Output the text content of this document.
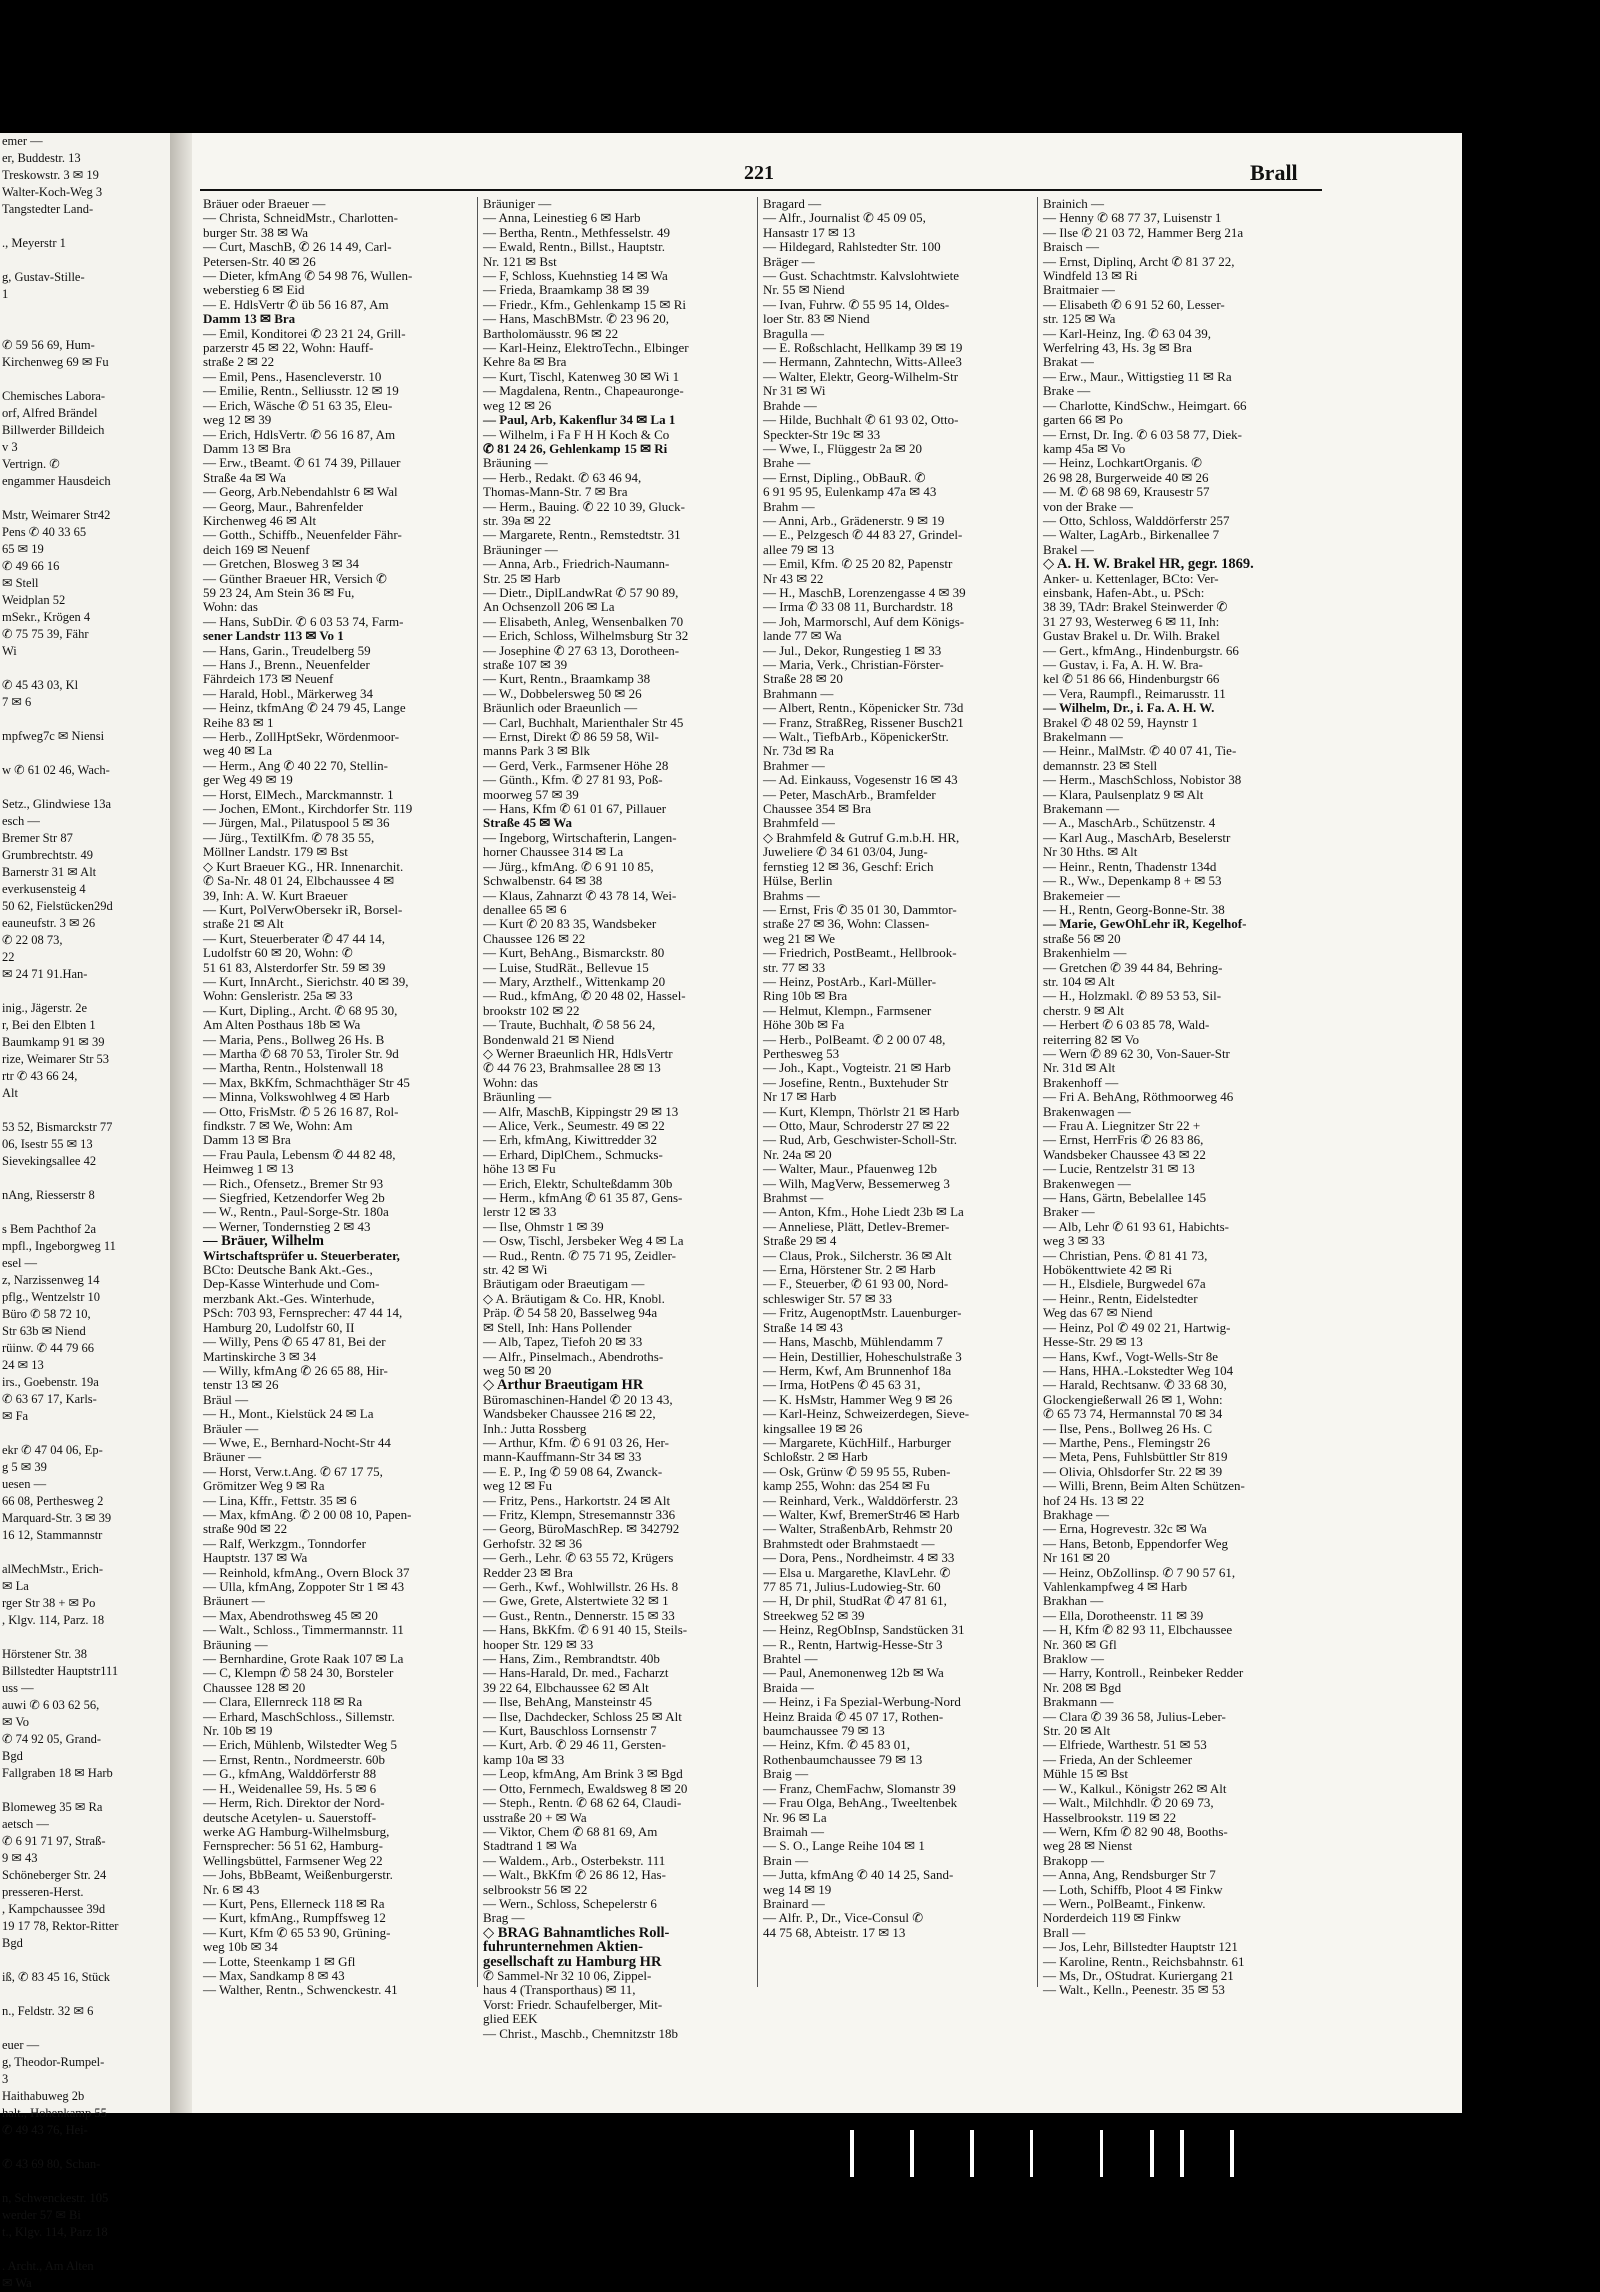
emer —
er, Buddestr. 13
Treskowstr. 3 ✉ 19
Walter-Koch-Weg 3
Tangstedter Land-

., Meyerstr 1

g, Gustav-Stille-
1

✆ 59 56 69, Hum-
Kirchenweg 69 ✉ Fu

Chemisches Labora-
orf, Alfred Brändel
Billwerder Billdeich
v 3
Vertrign. ✆
engammer Hausdeich

Mstr, Weimarer Str42
Pens ✆ 40 33 65
65 ✉ 19
✆ 49 66 16
✉ Stell
Weidplan 52
mSekr., Krögen 4
✆ 75 75 39, Fähr
Wi

✆ 45 43 03, Kl
7 ✉ 6

mpfweg7c ✉ Niensi

w ✆ 61 02 46, Wach-

Setz., Glindwiese 13a
esch —
Bremer Str 87
Grumbrechtstr. 49
Barnerstr 31 ✉ Alt
everkusensteig 4
50 62, Fielstücken29d
eauneufstr. 3 ✉ 26
✆ 22 08 73,
22
✉ 24 71 91.Han-

inig., Jägerstr. 2e
r, Bei den Elbten 1
Baumkamp 91 ✉ 39
rize, Weimarer Str 53
rtr ✆ 43 66 24,
Alt

53 52, Bismarckstr 77
06, Isestr 55 ✉ 13
Sievekingsallee 42

nAng, Riesserstr 8

s Bem Pachthof 2a
mpfl., Ingeborgweg 11
esel —
z, Narzissenweg 14
pflg., Wentzelstr 10
Büro ✆ 58 72 10,
Str 63b ✉ Niend
rüinw. ✆ 44 79 66
24 ✉ 13
irs., Goebenstr. 19a
✆ 63 67 17, Karls-
✉ Fa

ekr ✆ 47 04 06, Ep-
g 5 ✉ 39
uesen —
66 08, Perthesweg 2
Marquard-Str. 3 ✉ 39
16 12, Stammannstr

alMechMstr., Erich-
✉ La
rger Str 38 + ✉ Po
, Klgv. 114, Parz. 18

Hörstener Str. 38
Billstedter Hauptstr111
uss —
auwi ✆ 6 03 62 56,
✉ Vo
✆ 74 92 05, Grand-
Bgd
Fallgraben 18 ✉ Harb

Blomeweg 35 ✉ Ra
aetsch —
✆ 6 91 71 97, Straß-
9 ✉ 43
Schöneberger Str. 24
presseren-Herst.
, Kampchaussee 39d
19 17 78, Rektor-Ritter
Bgd

iß, ✆ 83 45 16, Stück

n., Feldstr. 32 ✉ 6

euer —
g, Theodor-Rumpel-
3
Haithabuweg 2b
halt., Hohenkamp 55
✆ 49 43 76, Hei-

✆ 43 69 80, Schan-

n, Schwenckestr. 105
werder 57 ✉ Bi
t., Klgv. 114, Parz 18

. Archt., Am Alten
✉ Wa
221	Brall
Bräuer oder Braeuer —
— Christa, SchneidMstr., Charlotten-
burger Str. 38 ✉ Wa
— Curt, MaschB, ✆ 26 14 49, Carl-
Petersen-Str. 40 ✉ 26
— Dieter, kfmAng ✆ 54 98 76, Wullen-
weberstieg 6 ✉ Eid
— E. HdlsVertr ✆ üb 56 16 87, Am
Damm 13 ✉ Bra
— Emil, Konditorei ✆ 23 21 24, Grill-
parzerstr 45 ✉ 22, Wohn: Hauff-
straße 2 ✉ 22
— Emil, Pens., Hasencleverstr. 10
— Emilie, Rentn., Selliusstr. 12 ✉ 19
— Erich, Wäsche ✆ 51 63 35, Eleu-
weg 12 ✉ 39
— Erich, HdlsVertr. ✆ 56 16 87, Am
Damm 13 ✉ Bra
— Erw., tBeamt. ✆ 61 74 39, Pillauer
Straße 4a ✉ Wa
— Georg, Arb.Nebendahlstr 6 ✉ Wal
— Georg, Maur., Bahrenfelder
Kirchenweg 46 ✉ Alt
— Gotth., Schiffb., Neuenfelder Fähr-
deich 169 ✉ Neuenf
— Gretchen, Blosweg 3 ✉ 34
— Günther Braeuer HR, Versich ✆
59 23 24, Am Stein 36 ✉ Fu,
Wohn: das
— Hans, SubDir. ✆ 6 03 53 74, Farm-
sener Landstr 113 ✉ Vo 1
— Hans, Garin., Treudelberg 59
— Hans J., Brenn., Neuenfelder
Fährdeich 173 ✉ Neuenf
— Harald, Hobl., Märkerweg 34
— Heinz, tkfmAng ✆ 24 79 45, Lange
Reihe 83 ✉ 1
— Herb., ZollHptSekr, Wördenmoor-
weg 40 ✉ La
— Herm., Ang ✆ 40 22 70, Stellin-
ger Weg 49 ✉ 19
— Horst, ElMech., Marckmannstr. 1
— Jochen, EMont., Kirchdorfer Str. 119
— Jürgen, Mal., Pilatuspool 5 ✉ 36
— Jürg., TextilKfm. ✆ 78 35 55,
Möllner Landstr. 179 ✉ Bst
◇ Kurt Braeuer KG., HR. Innenarchit.
✆ Sa-Nr. 48 01 24, Elbchaussee 4 ✉
39, Inh: A. W. Kurt Braeuer
— Kurt, PolVerwObersekr iR, Borsel-
straße 21 ✉ Alt
— Kurt, Steuerberater ✆ 47 44 14,
Ludolfstr 60 ✉ 20, Wohn: ✆
51 61 83, Alsterdorfer Str. 59 ✉ 39
— Kurt, InnArcht., Sierichstr. 40 ✉ 39,
Wohn: Gensleristr. 25a ✉ 33
— Kurt, Dipling., Archt. ✆ 68 95 30,
Am Alten Posthaus 18b ✉ Wa
— Maria, Pens., Bollweg 26 Hs. B
— Martha ✆ 68 70 53, Tiroler Str. 9d
— Martha, Rentn., Holstenwall 18
— Max, BkKfm, Schmachthäger Str 45
— Minna, Volkswohlweg 4 ✉ Harb
— Otto, FrisMstr. ✆ 5 26 16 87, Rol-
findkstr. 7 ✉ We, Wohn: Am
Damm 13 ✉ Bra
— Frau Paula, Lebensm ✆ 44 82 48,
Heimweg 1 ✉ 13
— Rich., Ofensetz., Bremer Str 93
— Siegfried, Ketzendorfer Weg 2b
— W., Rentn., Paul-Sorge-Str. 180a
— Werner, Tondernstieg 2 ✉ 43
— Bräuer, Wilhelm
Wirtschaftsprüfer u. Steuerberater,
BCto: Deutsche Bank Akt.-Ges.,
Dep-Kasse Winterhude und Com-
merzbank Akt.-Ges. Winterhude,
PSch: 703 93, Fernsprecher: 47 44 14,
Hamburg 20, Ludolfstr 60, II
— Willy, Pens ✆ 65 47 81, Bei der
Martinskirche 3 ✉ 34
— Willy, kfmAng ✆ 26 65 88, Hir-
tenstr 13 ✉ 26
Bräul —
— H., Mont., Kielstück 24 ✉ La
Bräuler —
— Wwe, E., Bernhard-Nocht-Str 44
Bräuner —
— Horst, Verw.t.Ang. ✆ 67 17 75,
Grömitzer Weg 9 ✉ Ra
— Lina, Kffr., Fettstr. 35 ✉ 6
— Max, kfmAng. ✆ 2 00 08 10, Papen-
straße 90d ✉ 22
— Ralf, Werkzgm., Tonndorfer
Hauptstr. 137 ✉ Wa
— Reinhold, kfmAng., Overn Block 37
— Ulla, kfmAng, Zoppoter Str 1 ✉ 43
Bräunert —
— Max, Abendrothsweg 45 ✉ 20
— Walt., Schloss., Timmermannstr. 11
Bräuning —
— Bernhardine, Grote Raak 107 ✉ La
— C, Klempn ✆ 58 24 30, Borsteler
Chaussee 128 ✉ 20
— Clara, Ellernreck 118 ✉ Ra
— Erhard, MaschSchloss., Sillemstr.
Nr. 10b ✉ 19
— Erich, Mühlenb, Wilstedter Weg 5
— Ernst, Rentn., Nordmeerstr. 60b
— G., kfmAng, Walddörferstr 88
— H., Weidenallee 59, Hs. 5 ✉ 6
— Herm, Rich. Direktor der Nord-
deutsche Acetylen- u. Sauerstoff-
werke AG Hamburg-Wilhelmsburg,
Fernsprecher: 56 51 62, Hamburg-
Wellingsbüttel, Farmsener Weg 22
— Johs, BbBeamt, Weißenburgerstr.
Nr. 6 ✉ 43
— Kurt, Pens, Ellerneck 118 ✉ Ra
— Kurt, kfmAng., Rumpffsweg 12
— Kurt, Kfm ✆ 65 53 90, Grüning-
weg 10b ✉ 34
— Lotte, Steenkamp 1 ✉ Gfl
— Max, Sandkamp 8 ✉ 43
— Walther, Rentn., Schwenckestr. 41
Bräuniger —
— Anna, Leinestieg 6 ✉ Harb
— Bertha, Rentn., Methfesselstr. 49
— Ewald, Rentn., Billst., Hauptstr.
Nr. 121 ✉ Bst
— F, Schloss, Kuehnstieg 14 ✉ Wa
— Frieda, Braamkamp 38 ✉ 39
— Friedr., Kfm., Gehlenkamp 15 ✉ Ri
— Hans, MaschBMstr. ✆ 23 96 20,
Bartholomäusstr. 96 ✉ 22
— Karl-Heinz, ElektroTechn., Elbinger
Kehre 8a ✉ Bra
— Kurt, Tischl, Katenweg 30 ✉ Wi 1
— Magdalena, Rentn., Chapeauronge-
weg 12 ✉ 26
— Paul, Arb, Kakenflur 34 ✉ La 1
— Wilhelm, i Fa F H H Koch & Co
✆ 81 24 26, Gehlenkamp 15 ✉ Ri
Bräuning —
— Herb., Redakt. ✆ 63 46 94,
Thomas-Mann-Str. 7 ✉ Bra
— Herm., Bauing. ✆ 22 10 39, Gluck-
str. 39a ✉ 22
— Margarete, Rentn., Remstedtstr. 31
Bräuninger —
— Anna, Arb., Friedrich-Naumann-
Str. 25 ✉ Harb
— Dietr., DiplLandwRat ✆ 57 90 89,
An Ochsenzoll 206 ✉ La
— Elisabeth, Anleg, Wensenbalken 70
— Erich, Schloss, Wilhelmsburg Str 32
— Josephine ✆ 27 63 13, Dorotheen-
straße 107 ✉ 39
— Kurt, Rentn., Braamkamp 38
— W., Dobbelersweg 50 ✉ 26
Bräunlich oder Braeunlich —
— Carl, Buchhalt, Marienthaler Str 45
— Ernst, Direkt ✆ 86 59 58, Wil-
manns Park 3 ✉ Blk
— Gerd, Verk., Farmsener Höhe 28
— Günth., Kfm. ✆ 27 81 93, Poß-
moorweg 57 ✉ 39
— Hans, Kfm ✆ 61 01 67, Pillauer
Straße 45 ✉ Wa
— Ingeborg, Wirtschafterin, Langen-
horner Chaussee 314 ✉ La
— Jürg., kfmAng. ✆ 6 91 10 85,
Schwalbenstr. 64 ✉ 38
— Klaus, Zahnarzt ✆ 43 78 14, Wei-
denallee 65 ✉ 6
— Kurt ✆ 20 83 35, Wandsbeker
Chaussee 126 ✉ 22
— Kurt, BehAng., Bismarckstr. 80
— Luise, StudRät., Bellevue 15
— Mary, Arzthelf., Wittenkamp 20
— Rud., kfmAng, ✆ 20 48 02, Hassel-
brookstr 102 ✉ 22
— Traute, Buchhalt, ✆ 58 56 24,
Bondenwald 21 ✉ Niend
◇ Werner Braeunlich HR, HdlsVertr
✆ 44 76 23, Brahmsallee 28 ✉ 13
Wohn: das
Bräunling —
— Alfr, MaschB, Kippingstr 29 ✉ 13
— Alice, Verk., Seumestr. 49 ✉ 22
— Erh, kfmAng, Kiwittredder 32
— Erhard, DiplChem., Schmucks-
höhe 13 ✉ Fu
— Erich, Elektr, Schulteßdamm 30b
— Herm., kfmAng ✆ 61 35 87, Gens-
lerstr 12 ✉ 33
— Ilse, Ohmstr 1 ✉ 39
— Osw, Tischl, Jersbeker Weg 4 ✉ La
— Rud., Rentn. ✆ 75 71 95, Zeidler-
str. 42 ✉ Wi
Bräutigam oder Braeutigam —
◇ A. Bräutigam & Co. HR, Knobl.
Präp. ✆ 54 58 20, Basselweg 94a
✉ Stell, Inh: Hans Pollender
— Alb, Tapez, Tiefoh 20 ✉ 33
— Alfr., Pinselmach., Abendroths-
weg 50 ✉ 20
◇ Arthur Braeutigam HR
Büromaschinen-Handel ✆ 20 13 43,
Wandsbeker Chaussee 216 ✉ 22,
Inh.: Jutta Rossberg
— Arthur, Kfm. ✆ 6 91 03 26, Her-
mann-Kauffmann-Str 34 ✉ 33
— E. P., Ing ✆ 59 08 64, Zwanck-
weg 12 ✉ Fu
— Fritz, Pens., Harkortstr. 24 ✉ Alt
— Fritz, Klempn, Stresemannstr 336
— Georg, BüroMaschRep. ✉ 342792
Gerhofstr. 32 ✉ 36
— Gerh., Lehr. ✆ 63 55 72, Krügers
Redder 23 ✉ Bra
— Gerh., Kwf., Wohlwillstr. 26 Hs. 8
— Gwe, Grete, Alstertwiete 32 ✉ 1
— Gust., Rentn., Dennerstr. 15 ✉ 33
— Hans, BkKfm. ✆ 6 91 40 15, Steils-
hooper Str. 129 ✉ 33
— Hans, Zim., Rembrandtstr. 40b
— Hans-Harald, Dr. med., Facharzt
39 22 64, Elbchaussee 62 ✉ Alt
— Ilse, BehAng, Mansteinstr 45
— Ilse, Dachdecker, Schloss 25 ✉ Alt
— Kurt, Bauschloss Lornsenstr 7
— Kurt, Arb. ✆ 29 46 11, Gersten-
kamp 10a ✉ 33
— Leop, kfmAng, Am Brink 3 ✉ Bgd
— Otto, Fernmech, Ewaldsweg 8 ✉ 20
— Steph., Rentn. ✆ 68 62 64, Claudi-
usstraße 20 + ✉ Wa
— Viktor, Chem ✆ 68 81 69, Am
Stadtrand 1 ✉ Wa
— Waldem., Arb., Osterbekstr. 111
— Walt., BkKfm ✆ 26 86 12, Has-
selbrookstr 56 ✉ 22
— Wern., Schloss, Schepelerstr 6
Brag —
◇ BRAG Bahnamtliches Roll-
fuhrunternehmen Aktien-
gesellschaft zu Hamburg HR
✆ Sammel-Nr 32 10 06, Zippel-
haus 4 (Transporthaus) ✉ 11,
Vorst: Friedr. Schaufelberger, Mit-
glied EEK
— Christ., Maschb., Chemnitzstr 18b
Bragard —
— Alfr., Journalist ✆ 45 09 05,
Hansastr 17 ✉ 13
— Hildegard, Rahlstedter Str. 100
Bräger —
— Gust. Schachtmstr. Kalvslohtwiete
Nr. 55 ✉ Niend
— Ivan, Fuhrw. ✆ 55 95 14, Oldes-
loer Str. 83 ✉ Niend
Bragulla —
— E. Roßschlacht, Hellkamp 39 ✉ 19
— Hermann, Zahntechn, Witts-Allee3
— Walter, Elektr, Georg-Wilhelm-Str
Nr 31 ✉ Wi
Brahde —
— Hilde, Buchhalt ✆ 61 93 02, Otto-
Speckter-Str 19c ✉ 33
— Wwe, I., Flüggestr 2a ✉ 20
Brahe —
— Ernst, Dipling., ObBauR. ✆
6 91 95 95, Eulenkamp 47a ✉ 43
Brahm —
— Anni, Arb., Grädenerstr. 9 ✉ 19
— E., Pelzgesch ✆ 44 83 27, Grindel-
allee 79 ✉ 13
— Emil, Kfm. ✆ 25 20 82, Papenstr
Nr 43 ✉ 22
— H., MaschB, Lorenzengasse 4 ✉ 39
— Irma ✆ 33 08 11, Burchardstr. 18
— Joh, Marmorschl, Auf dem Königs-
lande 77 ✉ Wa
— Jul., Dekor, Rungestieg 1 ✉ 33
— Maria, Verk., Christian-Förster-
Straße 28 ✉ 20
Brahmann —
— Albert, Rentn., Köpenicker Str. 73d
— Franz, StraßReg, Rissener Busch21
— Walt., TiefbArb., KöpenickerStr.
Nr. 73d ✉ Ra
Brahmer —
— Ad. Einkauss, Vogesenstr 16 ✉ 43
— Peter, MaschArb., Bramfelder
Chaussee 354 ✉ Bra
Brahmfeld —
◇ Brahmfeld & Gutruf G.m.b.H. HR,
Juweliere ✆ 34 61 03/04, Jung-
fernstieg 12 ✉ 36, Geschf: Erich
Hülse, Berlin
Brahms —
— Ernst, Fris ✆ 35 01 30, Dammtor-
straße 27 ✉ 36, Wohn: Classen-
weg 21 ✉ We
— Friedrich, PostBeamt., Hellbrook-
str. 77 ✉ 33
— Heinz, PostArb., Karl-Müller-
Ring 10b ✉ Bra
— Helmut, Klempn., Farmsener
Höhe 30b ✉ Fa
— Herb., PolBeamt. ✆ 2 00 07 48,
Perthesweg 53
— Joh., Kapt., Vogteistr. 21 ✉ Harb
— Josefine, Rentn., Buxtehuder Str
Nr 17 ✉ Harb
— Kurt, Klempn, Thörlstr 21 ✉ Harb
— Otto, Maur, Schroderstr 27 ✉ 22
— Rud, Arb, Geschwister-Scholl-Str.
Nr. 24a ✉ 20
— Walter, Maur., Pfauenweg 12b
— Wilh, MagVerw, Bessemerweg 3
Brahmst —
— Anton, Kfm., Hohe Liedt 23b ✉ La
— Anneliese, Plätt, Detlev-Bremer-
Straße 29 ✉ 4
— Claus, Prok., Silcherstr. 36 ✉ Alt
— Erna, Hörstener Str. 2 ✉ Harb
— F., Steuerber, ✆ 61 93 00, Nord-
schleswiger Str. 57 ✉ 33
— Fritz, AugenoptMstr. Lauenburger-
Straße 14 ✉ 43
— Hans, Maschb, Mühlendamm 7
— Hein, Destillier, Hoheschulstraße 3
— Herm, Kwf, Am Brunnenhof 18a
— Irma, HotPens ✆ 45 63 31,
— K. HsMstr, Hammer Weg 9 ✉ 26
— Karl-Heinz, Schweizerdegen, Sieve-
kingsallee 19 ✉ 26
— Margarete, KüchHilf., Harburger
Schloßstr. 2 ✉ Harb
— Osk, Grünw ✆ 59 95 55, Ruben-
kamp 255, Wohn: das 254 ✉ Fu
— Reinhard, Verk., Walddörferstr. 23
— Walter, Kwf, BremerStr46 ✉ Harb
— Walter, StraßenbArb, Rehmstr 20
Brahmstedt oder Brahmstaedt —
— Dora, Pens., Nordheimstr. 4 ✉ 33
— Elsa u. Margarethe, KlavLehr. ✆
77 85 71, Julius-Ludowieg-Str. 60
— H, Dr phil, StudRat ✆ 47 81 61,
Streekweg 52 ✉ 39
— Heinz, RegObInsp, Sandstücken 31
— R., Rentn, Hartwig-Hesse-Str 3
Brahtel —
— Paul, Anemonenweg 12b ✉ Wa
Braida —
— Heinz, i Fa Spezial-Werbung-Nord
Heinz Braida ✆ 45 07 17, Rothen-
baumchaussee 79 ✉ 13
— Heinz, Kfm. ✆ 45 83 01,
Rothenbaumchaussee 79 ✉ 13
Braig —
— Franz, ChemFachw, Slomanstr 39
— Frau Olga, BehAng., Tweeltenbek
Nr. 96 ✉ La
Braimah —
— S. O., Lange Reihe 104 ✉ 1
Brain —
— Jutta, kfmAng ✆ 40 14 25, Sand-
weg 14 ✉ 19
Brainard —
— Alfr. P., Dr., Vice-Consul ✆
44 75 68, Abteistr. 17 ✉ 13
Brainich —
— Henny ✆ 68 77 37, Luisenstr 1
— Ilse ✆ 21 03 72, Hammer Berg 21a
Braisch —
— Ernst, Diplinq, Archt ✆ 81 37 22,
Windfeld 13 ✉ Ri
Braitmaier —
— Elisabeth ✆ 6 91 52 60, Lesser-
str. 125 ✉ Wa
— Karl-Heinz, Ing. ✆ 63 04 39,
Werfelring 43, Hs. 3g ✉ Bra
Brakat —
— Erw., Maur., Wittigstieg 11 ✉ Ra
Brake —
— Charlotte, KindSchw., Heimgart. 66
garten 66 ✉ Po
— Ernst, Dr. Ing. ✆ 6 03 58 77, Diek-
kamp 45a ✉ Vo
— Heinz, LochkartOrganis. ✆
26 98 28, Burgerweide 40 ✉ 26
— M. ✆ 68 98 69, Krausestr 57
von der Brake —
— Otto, Schloss, Walddörferstr 257
— Walter, LagArb., Birkenallee 7
Brakel —
◇ A. H. W. Brakel HR, gegr. 1869.
Anker- u. Kettenlager, BCto: Ver-
einsbank, Hafen-Abt., u. PSch:
38 39, TAdr: Brakel Steinwerder ✆
31 27 93, Westerweg 6 ✉ 11, Inh:
Gustav Brakel u. Dr. Wilh. Brakel
— Gert., kfmAng., Hindenburgstr. 66
— Gustav, i. Fa, A. H. W. Bra-
kel ✆ 51 86 66, Hindenburgstr 66
— Vera, Raumpfl., Reimarusstr. 11
— Wilhelm, Dr., i. Fa. A. H. W.
Brakel ✆ 48 02 59, Haynstr 1
Brakelmann —
— Heinr., MalMstr. ✆ 40 07 41, Tie-
demannstr. 23 ✉ Stell
— Herm., MaschSchloss, Nobistor 38
— Klara, Paulsenplatz 9 ✉ Alt
Brakemann —
— A., MaschArb., Schützenstr. 4
— Karl Aug., MaschArb, Beselerstr
Nr 30 Hths. ✉ Alt
— Heinr., Rentn, Thadenstr 134d
— R., Ww., Depenkamp 8 + ✉ 53
Brakemeier —
— H., Rentn, Georg-Bonne-Str. 38
— Marie, GewOhLehr iR, Kegelhof-
straße 56 ✉ 20
Brakenhielm —
— Gretchen ✆ 39 44 84, Behring-
str. 104 ✉ Alt
— H., Holzmakl. ✆ 89 53 53, Sil-
cherstr. 9 ✉ Alt
— Herbert ✆ 6 03 85 78, Wald-
reiterring 82 ✉ Vo
— Wern ✆ 89 62 30, Von-Sauer-Str
Nr. 31d ✉ Alt
Brakenhoff —
— Fri A. BehAng, Röthmoorweg 46
Brakenwagen —
— Frau A. Liegnitzer Str 22 +
— Ernst, HerrFris ✆ 26 83 86,
Wandsbeker Chaussee 43 ✉ 22
— Lucie, Rentzelstr 31 ✉ 13
Brakenwegen —
— Hans, Gärtn, Bebelallee 145
Braker —
— Alb, Lehr ✆ 61 93 61, Habichts-
weg 3 ✉ 33
— Christian, Pens. ✆ 81 41 73,
Hobökenttwiete 42 ✉ Ri
— H., Elsdiele, Burgwedel 67a
— Heinr., Rentn, Eidelstedter
Weg das 67 ✉ Niend
— Heinz, Pol ✆ 49 02 21, Hartwig-
Hesse-Str. 29 ✉ 13
— Hans, Kwf., Vogt-Wells-Str 8e
— Hans, HHA.-Lokstedter Weg 104
— Harald, Rechtsanw. ✆ 33 68 30,
Glockengießerwall 26 ✉ 1, Wohn:
✆ 65 73 74, Hermannstal 70 ✉ 34
— Ilse, Pens., Bollweg 26 Hs. C
— Marthe, Pens., Flemingstr 26
— Meta, Pens, Fuhlsbüttler Str 819
— Olivia, Ohlsdorfer Str. 22 ✉ 39
— Willi, Brenn, Beim Alten Schützen-
hof 24 Hs. 13 ✉ 22
Brakhage —
— Erna, Hogrevestr. 32c ✉ Wa
— Hans, Betonb, Eppendorfer Weg
Nr 161 ✉ 20
— Heinz, ObZollinsp. ✆ 7 90 57 61,
Vahlenkampfweg 4 ✉ Harb
Brakhan —
— Ella, Dorotheenstr. 11 ✉ 39
— H, Kfm ✆ 82 93 11, Elbchaussee
Nr. 360 ✉ Gfl
Braklow —
— Harry, Kontroll., Reinbeker Redder
Nr. 208 ✉ Bgd
Brakmann —
— Clara ✆ 39 36 58, Julius-Leber-
Str. 20 ✉ Alt
— Elfriede, Warthestr. 51 ✉ 53
— Frieda, An der Schleemer
Mühle 15 ✉ Bst
— W., Kalkul., Königstr 262 ✉ Alt
— Walt., Milchhdlr. ✆ 20 69 73,
Hasselbrookstr. 119 ✉ 22
— Wern, Kfm ✆ 82 90 48, Booths-
weg 28 ✉ Nienst
Brakopp —
— Anna, Ang, Rendsburger Str 7
— Loth, Schiffb, Ploot 4 ✉ Finkw
— Wern., PolBeamt., Finkenw.
Norderdeich 119 ✉ Finkw
Brall —
— Jos, Lehr, Billstedter Hauptstr 121
— Karoline, Rentn., Reichsbahnstr. 61
— Ms, Dr., OStudrat. Kuriergang 21
— Walt., Kelln., Peenestr. 35 ✉ 53
